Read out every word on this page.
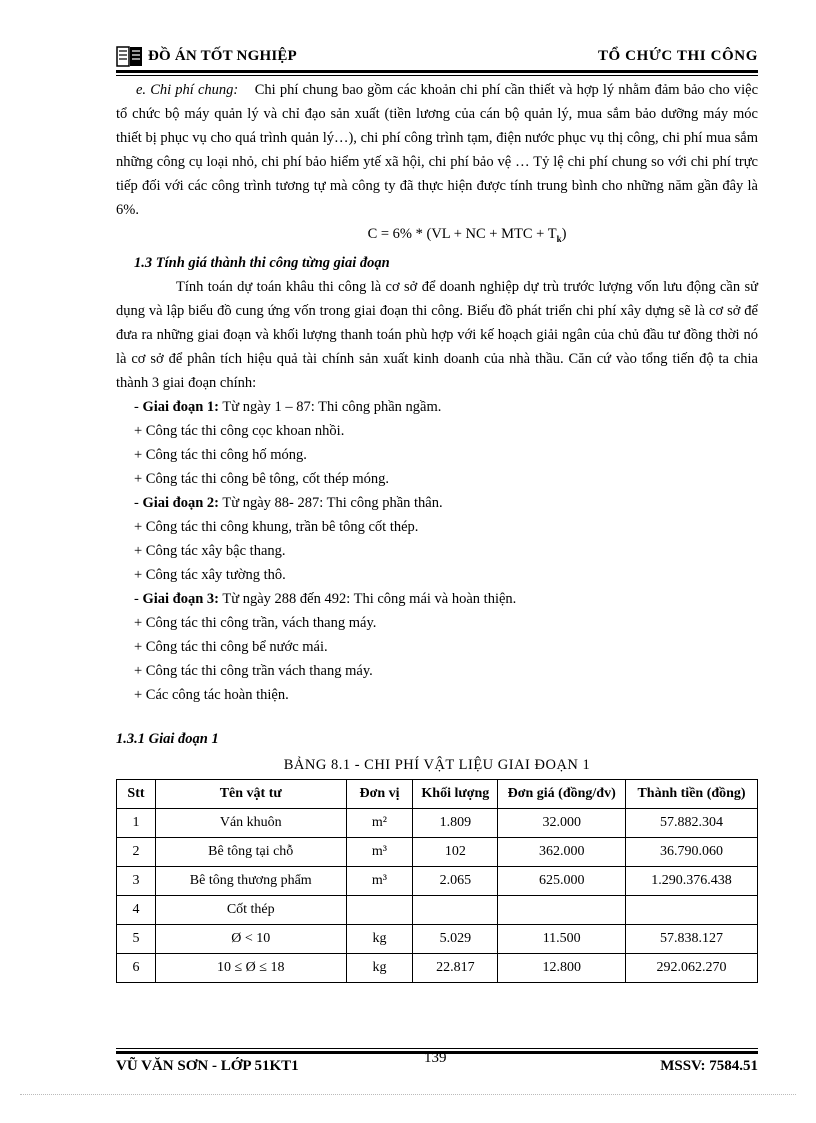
ĐỒ ÁN TỐT NGHIỆP	TỔ CHỨC THI CÔNG

e. Chi phí chung: Chi phí chung bao gồm các khoản chi phí cần thiết và hợp lý nhằm đảm bảo cho việc tổ chức bộ máy quản lý và chỉ đạo sản xuất (tiền lương của cán bộ quản lý, mua sắm bảo dưỡng máy móc thiết bị phục vụ cho quá trình quản lý…), chi phí công trình tạm, điện nước phục vụ thị công, chi phí mua sắm những công cụ loại nhỏ, chi phí bảo hiểm ytế xã hội, chi phí bảo vệ … Tỷ lệ chi phí chung so với chi phí trực tiếp đối với các công trình tương tự mà công ty đã thực hiện được tính trung bình cho những năm gần đây là 6%.

C = 6% * (VL + NC + MTC + $T_k$)

1.3 Tính giá thành thi công từng giai đoạn

Tính toán dự toán khâu thi công là cơ sở để doanh nghiệp dự trù trước lượng vốn lưu động cần sử dụng và lập biểu đồ cung ứng vốn trong giai đoạn thi công. Biểu đồ phát triển chi phí xây dựng sẽ là cơ sở để đưa ra những giai đoạn và khối lượng thanh toán phù hợp với kế hoạch giải ngân của chủ đầu tư đồng thời nó là cơ sở để phân tích hiệu quả tài chính sản xuất kinh doanh của nhà thầu. Căn cứ vào tổng tiến độ ta chia thành 3 giai đoạn chính:

- Giai đoạn 1: Từ ngày 1 – 87: Thi công phần ngầm.
+ Công tác thi công cọc khoan nhồi.
+ Công tác thi công hố móng.
+ Công tác thi công bê tông, cốt thép móng.
- Giai đoạn 2: Từ ngày 88- 287: Thi công phần thân.
+ Công tác thi công khung, trần bê tông cốt thép.
+ Công tác xây bậc thang.
+ Công tác xây tường thô.
- Giai đoạn 3: Từ ngày 288 đến 492: Thi công mái và hoàn thiện.
+ Công tác thi công trần, vách thang máy.
+ Công tác thi công bể nước mái.
+ Công tác thi công trần vách thang máy.
+ Các công tác hoàn thiện.

1.3.1 Giai đoạn 1

BẢNG 8.1 - CHI PHÍ VẬT LIỆU GIAI ĐOẠN 1

Stt	Tên vật tư	Đơn vị	Khối lượng	Đơn giá (đồng/đv)	Thành tiền (đồng)
1	Ván khuôn	m²	1.809	32.000	57.882.304
2	Bê tông tại chỗ	m³	102	362.000	36.790.060
3	Bê tông thương phẩm	m³	2.065	625.000	1.290.376.438
4	Cốt thép				
5	Ø < 10	kg	5.029	11.500	57.838.127
6	10 ≤ Ø ≤ 18	kg	22.817	12.800	292.062.270
VŨ VĂN SƠN - LỚP 51KT1	139	MSSV: 7584.51
